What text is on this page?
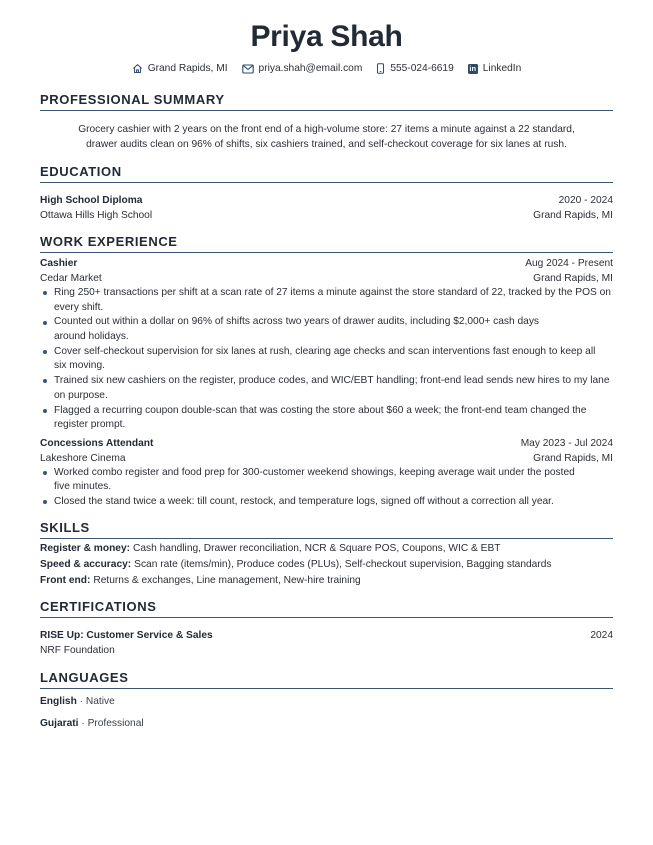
Priya Shah
Grand Rapids, MI	priya.shah@email.com	555-024-6619 in LinkedIn
PROFESSIONAL SUMMARY
Grocery cashier with 2 years on the front end of a high-volume store: 27 items a minute against a 22 standard,
drawer audits clean on 96% of shifts, six cashiers trained, and self-checkout coverage for six lanes at rush.
EDUCATION
High School Diploma	2020 - 2024
Ottawa Hills High School	Grand Rapids, MI
WORK EXPERIENCE
Cashier	Aug 2024 - Present
Cedar Market	Grand Rapids, MI
Ring 250+ transactions per shift at a scan rate of 27 items a minute against the store standard of 22, tracked by the POS on
every shift.
Counted out within a dollar on 96% of shifts across two years of drawer audits, including $2,000+ cash days
around holidays.
Cover self-checkout supervision for six lanes at rush, clearing age checks and scan interventions fast enough to keep all
six moving.
Trained six new cashiers on the register, produce codes, and WIC/EBT handling; front-end lead sends new hires to my lane
on purpose.
Flagged a recurring coupon double-scan that was costing the store about $60 a week; the front-end team changed the
register prompt.
Concessions Attendant	May 2023 - Jul 2024
Lakeshore Cinema	Grand Rapids, MI
Worked combo register and food prep for 300-customer weekend showings, keeping average wait under the posted
five minutes.
Closed the stand twice a week: till count, restock, and temperature logs, signed off without a correction all year.
SKILLS
Register & money: Cash handling, Drawer reconciliation, NCR & Square POS, Coupons, WIC & EBT
Speed & accuracy: Scan rate (items/min), Produce codes (PLUs), Self-checkout supervision, Bagging standards
Front end: Returns & exchanges, Line management, New-hire training
CERTIFICATIONS
RISE Up: Customer Service & Sales	2024
NRF Foundation
LANGUAGES
English · Native
Gujarati · Professional
